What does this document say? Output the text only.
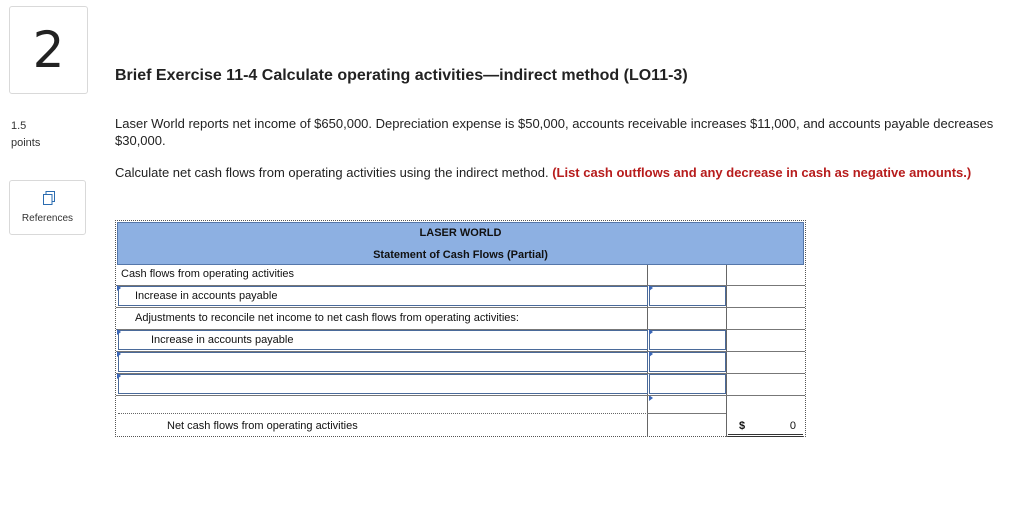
2
1.5
points
References
Brief Exercise 11-4 Calculate operating activities—indirect method (LO11-3)
Laser World reports net income of $650,000. Depreciation expense is $50,000, accounts receivable increases $11,000, and accounts payable decreases $30,000.
Calculate net cash flows from operating activities using the indirect method. (List cash outflows and any decrease in cash as negative amounts.)
LASER WORLD
Statement of Cash Flows (Partial)
Cash flows from operating activities
Increase in accounts payable
Adjustments to reconcile net income to net cash flows from operating activities:
Increase in accounts payable
Net cash flows from operating activities	$	0
